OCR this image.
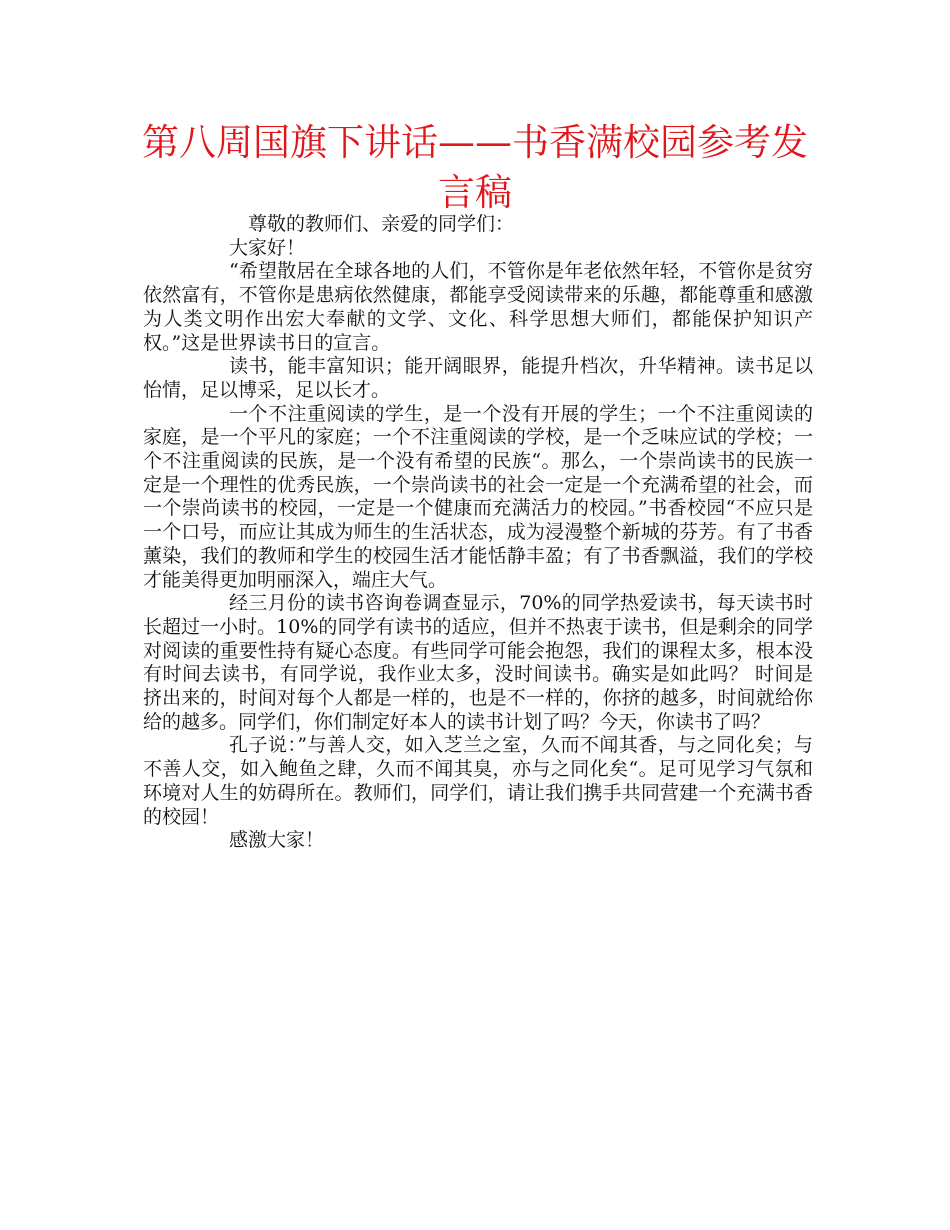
第八周国旗下讲话——书香满校园参考发言稿

尊敬的教师们、亲爱的同学们：

大家好！

“希望散居在全球各地的人们，不管你是年老依然年轻，不管你是贫穷依然富有，不管你是患病依然健康，都能享受阅读带来的乐趣，都能尊重和感激为人类文明作出宏大奉献的文学、文化、科学思想大师们，都能保护知识产权。”这是世界读书日的宣言。

读书，能丰富知识；能开阔眼界，能提升档次，升华精神。读书足以怡情，足以博采，足以长才。

一个不注重阅读的学生，是一个没有开展的学生；一个不注重阅读的家庭，是一个平凡的家庭；一个不注重阅读的学校，是一个乏味应试的学校；一个不注重阅读的民族，是一个没有希望的民族“。那么，一个崇尚读书的民族一定是一个理性的优秀民族，一个崇尚读书的社会一定是一个充满希望的社会，而一个崇尚读书的校园，一定是一个健康而充满活力的校园。”书香校园“不应只是一个口号，而应让其成为师生的生活状态，成为浸漫整个新城的芬芳。有了书香薰染，我们的教师和学生的校园生活才能恬静丰盈；有了书香飘溢，我们的学校才能美得更加明丽深入，端庄大气。

经三月份的读书咨询卷调查显示，70%的同学热爱读书，每天读书时长超过一小时。10%的同学有读书的适应，但并不热衷于读书，但是剩余的同学对阅读的重要性持有疑心态度。有些同学可能会抱怨，我们的课程太多，根本没有时间去读书，有同学说，我作业太多，没时间读书。确实是如此吗？ 时间是挤出来的，时间对每个人都是一样的，也是不一样的，你挤的越多，时间就给你给的越多。同学们，你们制定好本人的读书计划了吗？今天，你读书了吗？

孔子说：”与善人交，如入芝兰之室，久而不闻其香，与之同化矣；与不善人交，如入鲍鱼之肆，久而不闻其臭，亦与之同化矣“。足可见学习气氛和环境对人生的妨碍所在。教师们，同学们，请让我们携手共同营建一个充满书香的校园！

感激大家！
